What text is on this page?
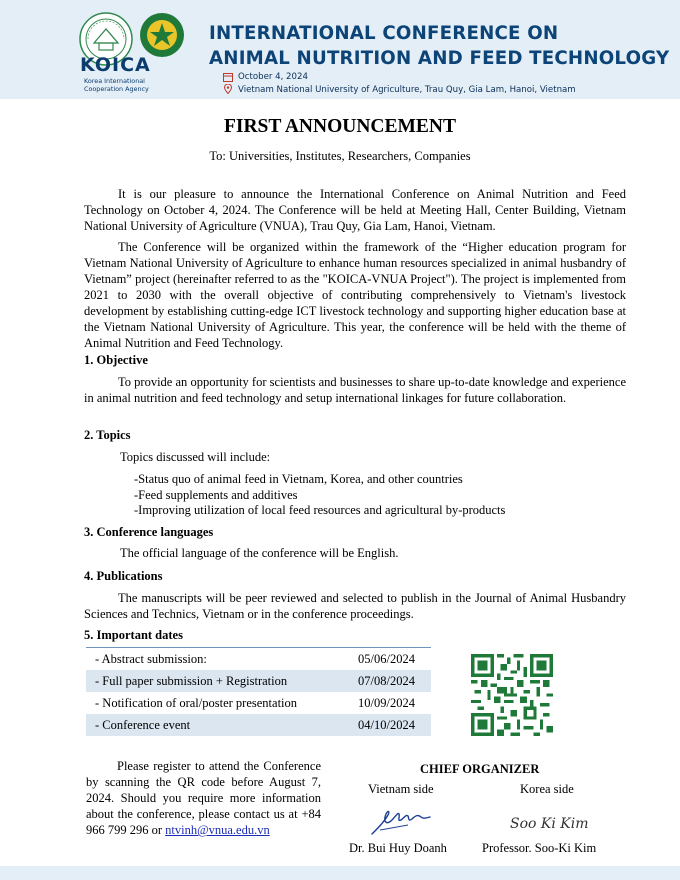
KOICA
Korea International
Cooperation Agency
INTERNATIONAL CONFERENCE ON
ANIMAL NUTRITION AND FEED TECHNOLOGY
October 4, 2024
Vietnam National University of Agriculture, Trau Quy, Gia Lam, Hanoi, Vietnam
FIRST ANNOUNCEMENT
To: Universities, Institutes, Researchers, Companies

It is our pleasure to announce the International Conference on Animal Nutrition and Feed Technology on October 4, 2024. The Conference will be held at Meeting Hall, Center Building, Vietnam National University of Agriculture (VNUA), Trau Quy, Gia Lam, Hanoi, Vietnam.

The Conference will be organized within the framework of the “Higher education program for Vietnam National University of Agriculture to enhance human resources specialized in animal husbandry of Vietnam” project (hereinafter referred to as the "KOICA-VNUA Project"). The project is implemented from 2021 to 2030 with the overall objective of contributing comprehensively to Vietnam's livestock development by establishing cutting-edge ICT livestock technology and supporting higher education base at the Vietnam National University of Agriculture. This year, the conference will be held with the theme of Animal Nutrition and Feed Technology.

1. Objective

To provide an opportunity for scientists and businesses to share up-to-date knowledge and experience in animal nutrition and feed technology and setup international linkages for future collaboration.

2. Topics
Topics discussed will include:
-Status quo of animal feed in Vietnam, Korea, and other countries
-Feed supplements and additives
-Improving utilization of local feed resources and agricultural by-products
3. Conference languages
The official language of the conference will be English.
4. Publications

The manuscripts will be peer reviewed and selected to publish in the Journal of Animal Husbandry Sciences and Technics, Vietnam or in the conference proceedings.

5. Important dates
- Abstract submission:	05/06/2024
- Full paper submission + Registration	07/08/2024
- Notification of oral/poster presentation	10/09/2024
- Conference event	04/10/2024

Please register to attend the Conference by scanning the QR code before August 7, 2024. Should you require more information about the conference, please contact us at +84 966 799 296 or ntvinh@vnua.edu.vn

CHIEF ORGANIZER
Vietnam side	Korea side
Soo Ki Kim
Dr. Bui Huy Doanh	Professor. Soo-Ki Kim
